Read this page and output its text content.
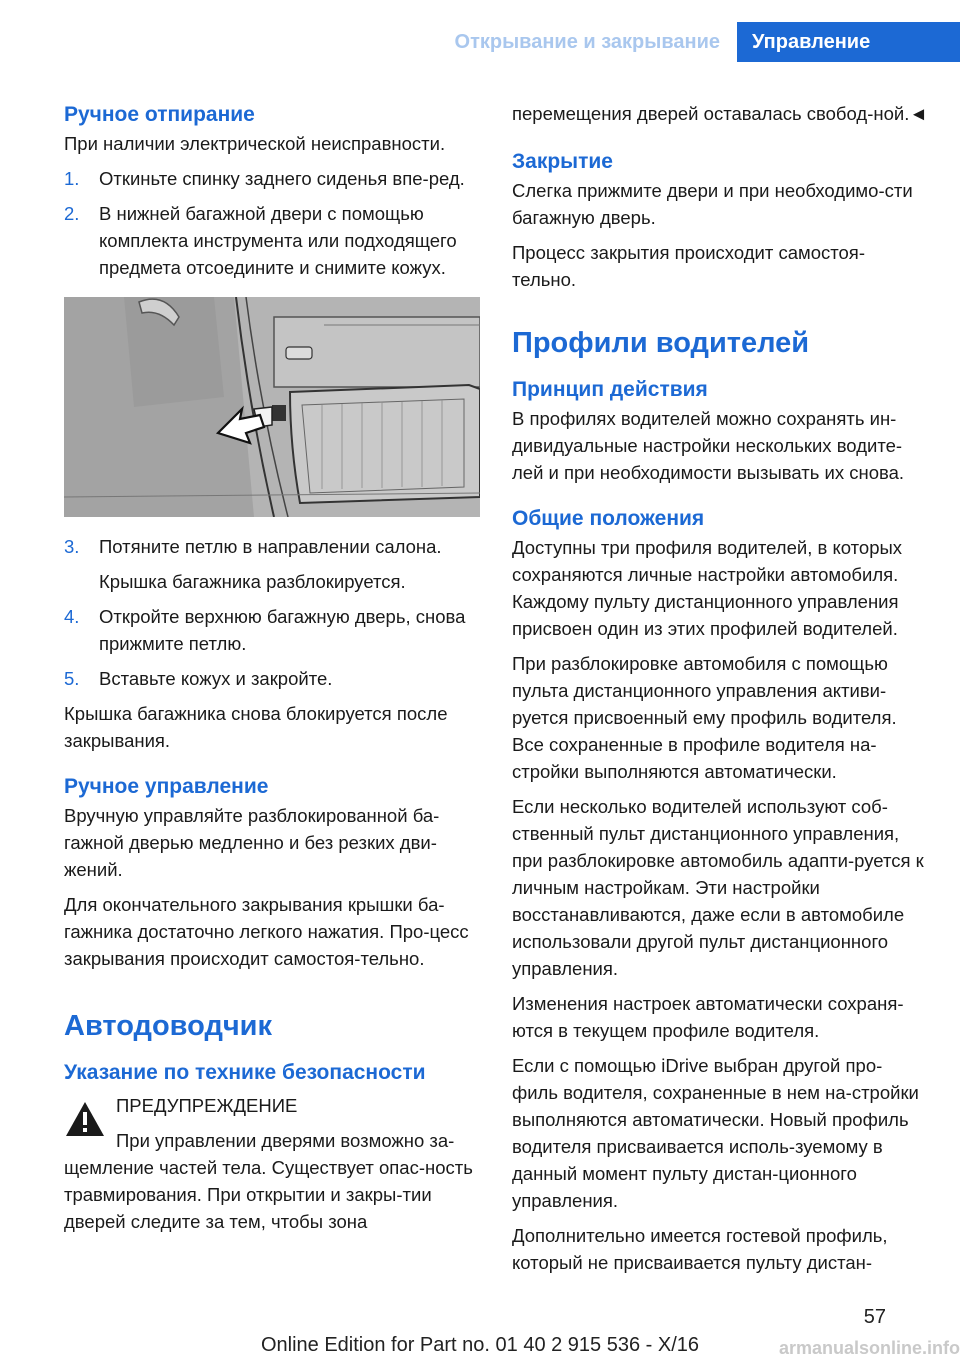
Открывание и закрывание	Управление
Ручное отпирание

При наличии электрической неисправности.

1. Откиньте спинку заднего сиденья впе-ред.
2. В нижней багажной двери с помощью комплекта инструмента или подходящего предмета отсоедините и снимите кожух.
3. Потяните петлю в направлении салона.
Крышка багажника разблокируется.
4. Откройте верхнюю багажную дверь, снова прижмите петлю.
5. Вставьте кожух и закройте.

Крышка багажника снова блокируется после закрывания.

Ручное управление

Вручную управляйте разблокированной ба-гажной дверью медленно и без резких дви-жений.

Для окончательного закрывания крышки ба-гажника достаточно легкого нажатия. Про-цесс закрывания происходит самостоя-тельно.

Автодоводчик
Указание по технике безопасности

ПРЕДУПРЕЖДЕНИЕ

При управлении дверями возможно за-щемление частей тела. Существует опас-ность травмирования. При открытии и закры-тии дверей следите за тем, чтобы зона

перемещения дверей оставалась свобод-ной.◄

Закрытие

Слегка прижмите двери и при необходимо-сти багажную дверь.

Процесс закрытия происходит самостоя-тельно.

Профили водителей
Принцип действия

В профилях водителей можно сохранять ин-дивидуальные настройки нескольких водите-лей и при необходимости вызывать их снова.

Общие положения

Доступны три профиля водителей, в которых сохраняются личные настройки автомобиля. Каждому пульту дистанционного управления присвоен один из этих профилей водителей.

При разблокировке автомобиля с помощью пульта дистанционного управления активи-руется присвоенный ему профиль водителя. Все сохраненные в профиле водителя на-стройки выполняются автоматически.

Если несколько водителей используют соб-ственный пульт дистанционного управления, при разблокировке автомобиль адапти-руется к личным настройкам. Эти настройки восстанавливаются, даже если в автомобиле использовали другой пульт дистанционного управления.

Изменения настроек автоматически сохраня-ются в текущем профиле водителя.

Если с помощью iDrive выбран другой про-филь водителя, сохраненные в нем на-стройки выполняются автоматически. Новый профиль водителя присваивается исполь-зуемому в данный момент пульту дистан-ционного управления.

Дополнительно имеется гостевой профиль, который не присваивается пульту дистан-

57
Online Edition for Part no. 01 40 2 915 536 - X/16	armanualsonline.info
